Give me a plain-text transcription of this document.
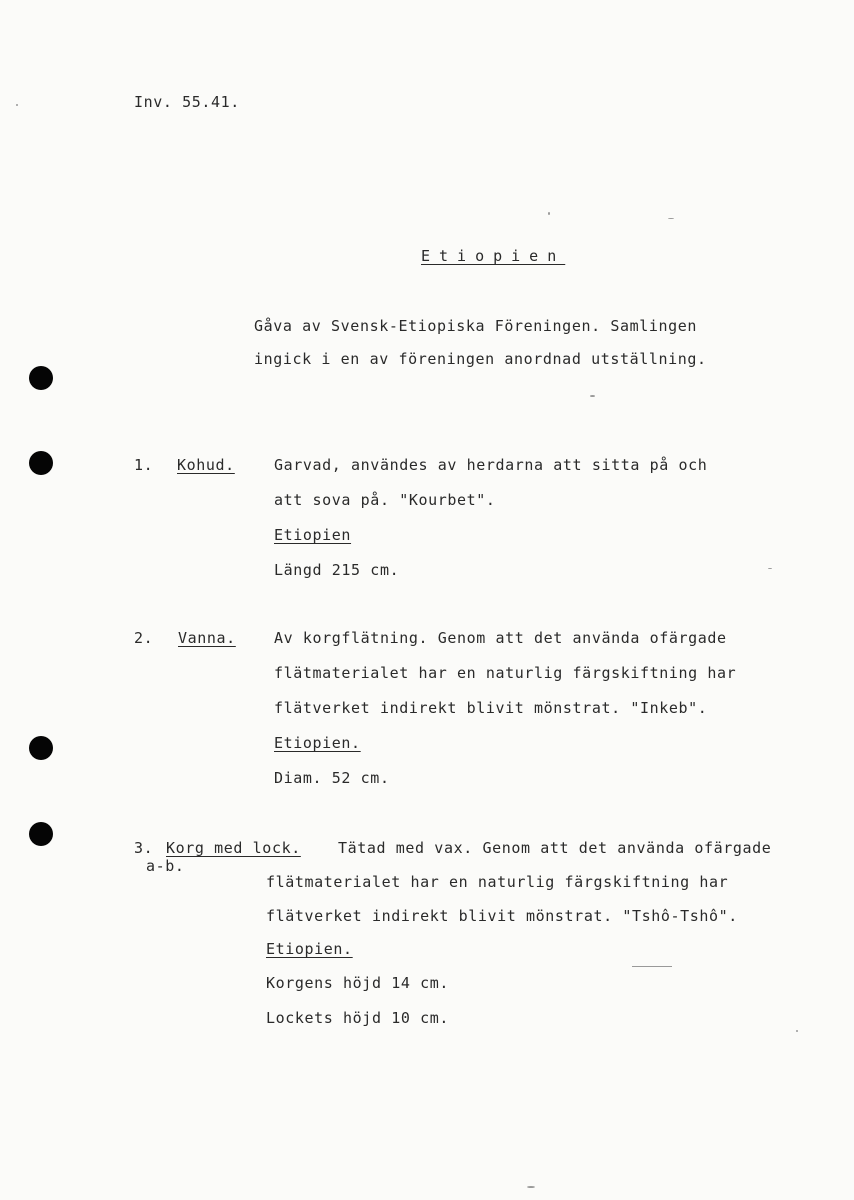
Inv. 55.41.
Etiopien
Gåva av Svensk-Etiopiska Föreningen. Samlingen
ingick i en av föreningen anordnad utställning.
1. Kohud.	Garvad, användes av herdarna att sitta på och
att sova på. "Kourbet".
Etiopien
Längd 215 cm.
2. Vanna.	Av korgflätning. Genom att det använda ofärgade
flätmaterialet har en naturlig färgskiftning har
flätverket indirekt blivit mönstrat. "Inkeb".
Etiopien.
Diam. 52 cm.
3. Korg med lock.
a-b.
Tätad med vax. Genom att det använda ofärgade
flätmaterialet har en naturlig färgskiftning har
flätverket indirekt blivit mönstrat. "Tshô-Tshô".
Etiopien.
Korgens höjd 14 cm.
Lockets höjd 10 cm.
